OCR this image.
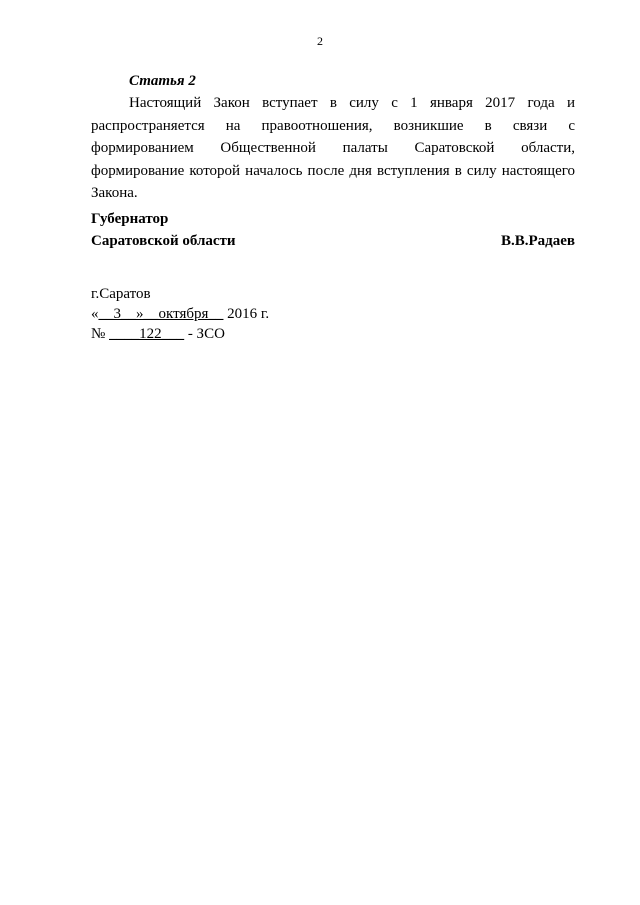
2
Статья 2

Настоящий Закон вступает в силу с 1 января 2017 года и распространяется на правоотношения, возникшие в связи с формированием Общественной палаты Саратовской области, формирование которой началось после дня вступления в силу настоящего Закона.

Губернатор
Саратовской области	В.В.Радаев
г.Саратов
«__3__»__октября__ 2016 г.
№ ____122___ - ЗСО
